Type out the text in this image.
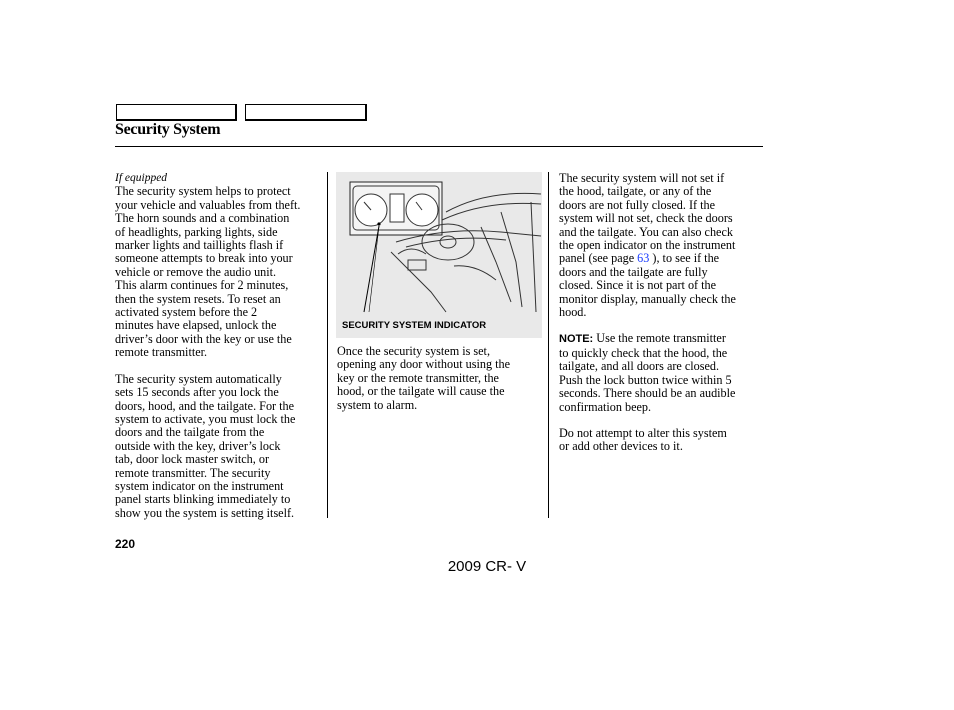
Security System

If equipped

The security system helps to protect
your vehicle and valuables from theft.
The horn sounds and a combination
of headlights, parking lights, side
marker lights and taillights flash if
someone attempts to break into your
vehicle or remove the audio unit.
This alarm continues for 2 minutes,
then the system resets. To reset an
activated system before the 2
minutes have elapsed, unlock the
driver’s door with the key or use the
remote transmitter.

The security system automatically
sets 15 seconds after you lock the
doors, hood, and the tailgate. For the
system to activate, you must lock the
doors and the tailgate from the
outside with the key, driver’s lock
tab, door lock master switch, or
remote transmitter. The security
system indicator on the instrument
panel starts blinking immediately to
show you the system is setting itself.

SECURITY SYSTEM INDICATOR

Once the security system is set,
opening any door without using the
key or the remote transmitter, the
hood, or the tailgate will cause the
system to alarm.

The security system will not set if
the hood, tailgate, or any of the
doors are not fully closed. If the
system will not set, check the doors
and the tailgate. You can also check
the open indicator on the instrument
panel (see page 63 ), to see if the
doors and the tailgate are fully
closed. Since it is not part of the
monitor display, manually check the
hood.

NOTE: Use the remote transmitter
to quickly check that the hood, the
tailgate, and all doors are closed.
Push the lock button twice within 5
seconds. There should be an audible
confirmation beep.

Do not attempt to alter this system
or add other devices to it.

220
2009 CR- V
